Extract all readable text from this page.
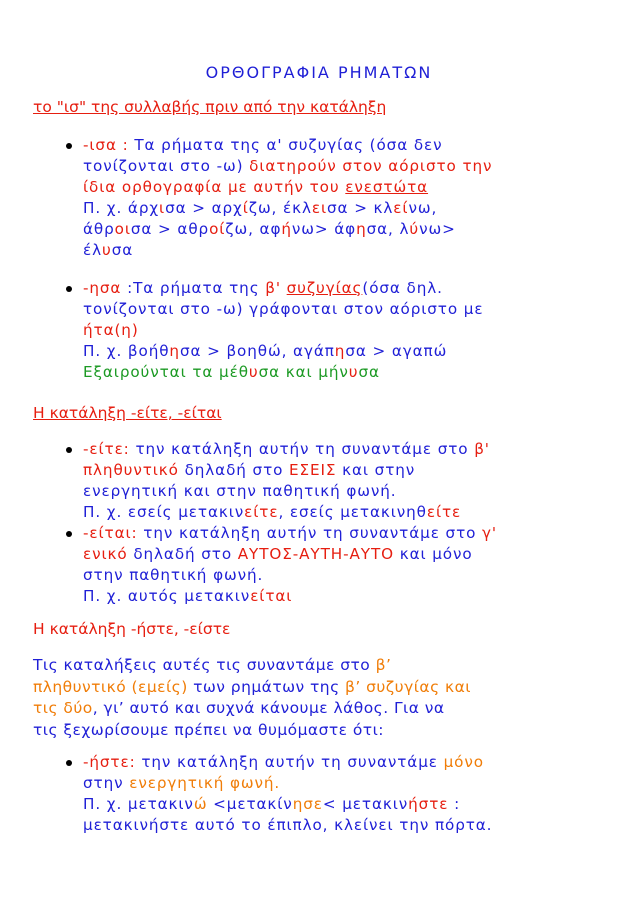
ΟΡΘΟΓΡΑΦΙΑ ΡΗΜΑΤΩΝ
το "ισ" της συλλαβής πριν από την κατάληξη
-ισα : Τα ρήματα της α' συζυγίας (όσα δεν
τονίζονται στο -ω) διατηρούν στον αόριστο την
ίδια ορθογραφία με αυτήν του ενεστώτα
Π. χ. άρχισα > αρχίζω, έκλεισα > κλείνω,
άθροισα > αθροίζω, αφήνω> άφησα, λύνω>
έλυσα
-ησα :Τα ρήματα της β' συζυγίας(όσα δηλ.
τονίζονται στο -ω) γράφονται στον αόριστο με
ήτα(η)
Π. χ. βοήθησα > βοηθώ, αγάπησα > αγαπώ
Εξαιρούνται τα μέθυσα και μήνυσα
Η κατάληξη -είτε, -είται
-είτε: την κατάληξη αυτήν τη συναντάμε στο β'
πληθυντικό δηλαδή στο ΕΣΕΙΣ και στην
ενεργητική και στην παθητική φωνή.
Π. χ. εσείς μετακινείτε, εσείς μετακινηθείτε
-είται: την κατάληξη αυτήν τη συναντάμε στο γ'
ενικό δηλαδή στο ΑΥΤΟΣ-ΑΥΤΗ-ΑΥΤΟ και μόνο
στην παθητική φωνή.
Π. χ. αυτός μετακινείται
Η κατάληξη -ήστε, -είστε
Τις καταλήξεις αυτές τις συναντάμε στο β’
πληθυντικό (εμείς) των ρημάτων της β’ συζυγίας και
τις δύο, γι’ αυτό και συχνά κάνουμε λάθος. Για να
τις ξεχωρίσουμε πρέπει να θυμόμαστε ότι:
-ήστε: την κατάληξη αυτήν τη συναντάμε μόνο
στην ενεργητική φωνή.
Π. χ. μετακινώ <μετακίνησε< μετακινήστε :
μετακινήστε αυτό το έπιπλο, κλείνει την πόρτα.
